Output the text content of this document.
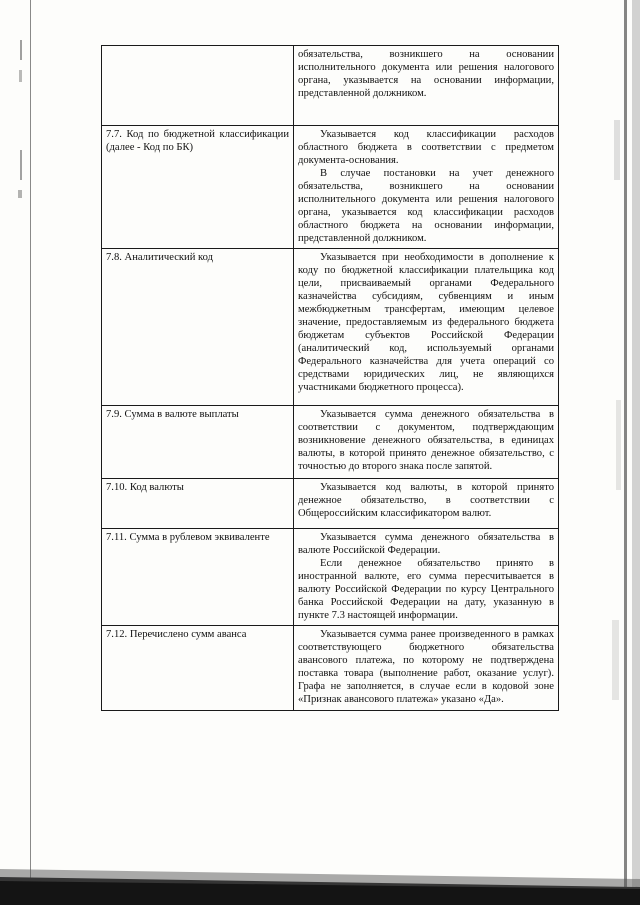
	обязательства, возникшего на основании исполнительного документа или решения налогового органа, указывается на основании информации, представленной должником.

7.7. Код по бюджетной классификации (далее - Код по БК)	Указывается код классификации расходов областного бюджета в соответствии с предметом документа-основания.

В случае постановки на учет денежного обязательства, возникшего на основании исполнительного документа или решения налогового органа, указывается код классификации расходов областного бюджета на основании информации, представленной должником.

7.8. Аналитический код	Указывается при необходимости в дополнение к коду по бюджетной классификации плательщика код цели, присваиваемый органами Федерального казначейства субсидиям, субвенциям и иным межбюджетным трансфертам, имеющим целевое значение, предоставляемым из федерального бюджета бюджетам субъектов Российской Федерации (аналитический код, используемый органами Федерального казначейства для учета операций со средствами юридических лиц, не являющихся участниками бюджетного процесса).

7.9. Сумма в валюте выплаты	Указывается сумма денежного обязательства в соответствии с документом, подтверждающим возникновение денежного обязательства, в единицах валюты, в которой принято денежное обязательство, с точностью до второго знака после запятой.

7.10. Код валюты	Указывается код валюты, в которой принято денежное обязательство, в соответствии с Общероссийским классификатором валют.

7.11. Сумма в рублевом эквиваленте	Указывается сумма денежного обязательства в валюте Российской Федерации.

Если денежное обязательство принято в иностранной валюте, его сумма пересчитывается в валюту Российской Федерации по курсу Центрального банка Российской Федерации на дату, указанную в пункте 7.3 настоящей информации.

7.12. Перечислено сумм аванса	Указывается сумма ранее произведенного в рамках соответствующего бюджетного обязательства авансового платежа, по которому не подтверждена поставка товара (выполнение работ, оказание услуг). Графа не заполняется, в случае если в кодовой зоне «Признак авансового платежа» указано «Да».
